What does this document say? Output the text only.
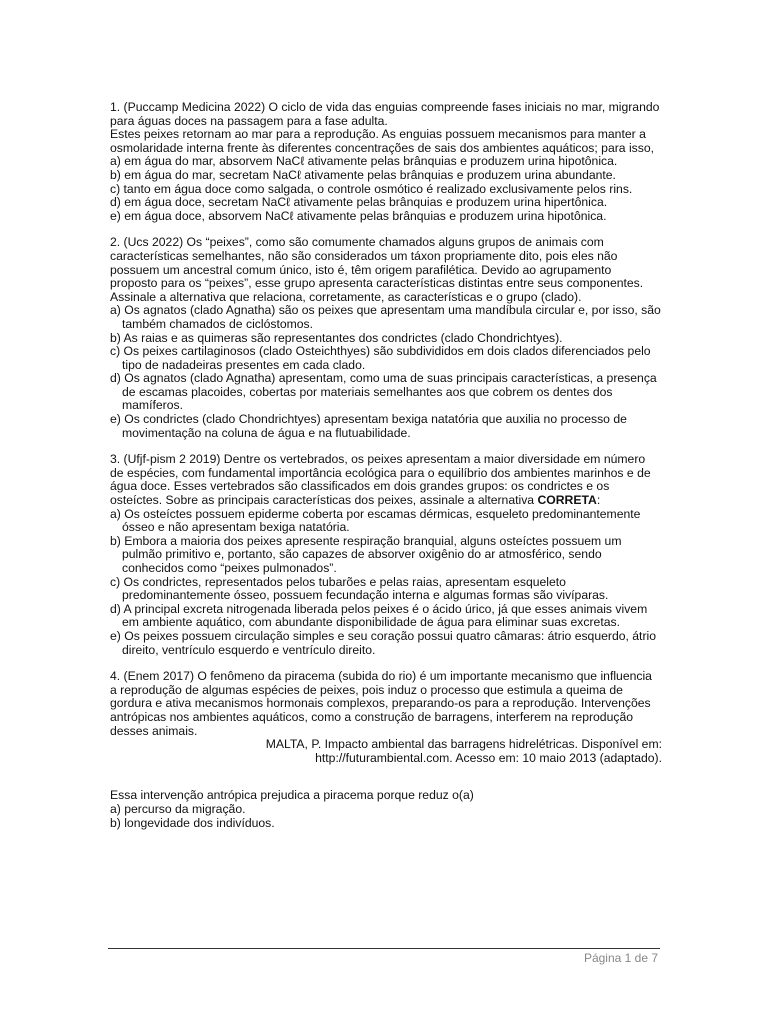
1. (Puccamp Medicina 2022) O ciclo de vida das enguias compreende fases iniciais no mar, migrando para águas doces na passagem para a fase adulta.

Estes peixes retornam ao mar para a reprodução. As enguias possuem mecanismos para manter a osmolaridade interna frente às diferentes concentrações de sais dos ambientes aquáticos; para isso,

a) em água do mar, absorvem NaCℓ ativamente pelas brânquias e produzem urina hipotônica.

b) em água do mar, secretam NaCℓ ativamente pelas brânquias e produzem urina abundante.

c) tanto em água doce como salgada, o controle osmótico é realizado exclusivamente pelos rins.

d) em água doce, secretam NaCℓ ativamente pelas brânquias e produzem urina hipertônica.

e) em água doce, absorvem NaCℓ ativamente pelas brânquias e produzem urina hipotônica.

2. (Ucs 2022) Os “peixes”, como são comumente chamados alguns grupos de animais com características semelhantes, não são considerados um táxon propriamente dito, pois eles não possuem um ancestral comum único, isto é, têm origem parafilética. Devido ao agrupamento proposto para os “peixes”, esse grupo apresenta características distintas entre seus componentes. Assinale a alternativa que relaciona, corretamente, as características e o grupo (clado).

a) Os agnatos (clado Agnatha) são os peixes que apresentam uma mandíbula circular e, por isso, são também chamados de ciclóstomos.

b) As raias e as quimeras são representantes dos condrictes (clado Chondrichtyes).

c) Os peixes cartilaginosos (clado Osteichthyes) são subdivididos em dois clados diferenciados pelo tipo de nadadeiras presentes em cada clado.

d) Os agnatos (clado Agnatha) apresentam, como uma de suas principais características, a presença de escamas placoides, cobertas por materiais semelhantes aos que cobrem os dentes dos mamíferos.

e) Os condrictes (clado Chondrichtyes) apresentam bexiga natatória que auxilia no processo de movimentação na coluna de água e na flutuabilidade.

3. (Ufjf-pism 2 2019) Dentre os vertebrados, os peixes apresentam a maior diversidade em número de espécies, com fundamental importância ecológica para o equilíbrio dos ambientes marinhos e de água doce. Esses vertebrados são classificados em dois grandes grupos: os condrictes e os osteíctes. Sobre as principais características dos peixes, assinale a alternativa CORRETA:

a) Os osteíctes possuem epiderme coberta por escamas dérmicas, esqueleto predominantemente ósseo e não apresentam bexiga natatória.

b) Embora a maioria dos peixes apresente respiração branquial, alguns osteíctes possuem um pulmão primitivo e, portanto, são capazes de absorver oxigênio do ar atmosférico, sendo conhecidos como “peixes pulmonados”.

c) Os condrictes, representados pelos tubarões e pelas raias, apresentam esqueleto predominantemente ósseo, possuem fecundação interna e algumas formas são vivíparas.

d) A principal excreta nitrogenada liberada pelos peixes é o ácido úrico, já que esses animais vivem em ambiente aquático, com abundante disponibilidade de água para eliminar suas excretas.

e) Os peixes possuem circulação simples e seu coração possui quatro câmaras: átrio esquerdo, átrio direito, ventrículo esquerdo e ventrículo direito.

4. (Enem 2017) O fenômeno da piracema (subida do rio) é um importante mecanismo que influencia a reprodução de algumas espécies de peixes, pois induz o processo que estimula a queima de gordura e ativa mecanismos hormonais complexos, preparando-os para a reprodução. Intervenções antrópicas nos ambientes aquáticos, como a construção de barragens, interferem na reprodução desses animais.

MALTA, P. Impacto ambiental das barragens hidrelétricas. Disponível em:

http://futurambiental.com. Acesso em: 10 maio 2013 (adaptado).

Essa intervenção antrópica prejudica a piracema porque reduz o(a)

a) percurso da migração.

b) longevidade dos indivíduos.

Página 1 de 7
